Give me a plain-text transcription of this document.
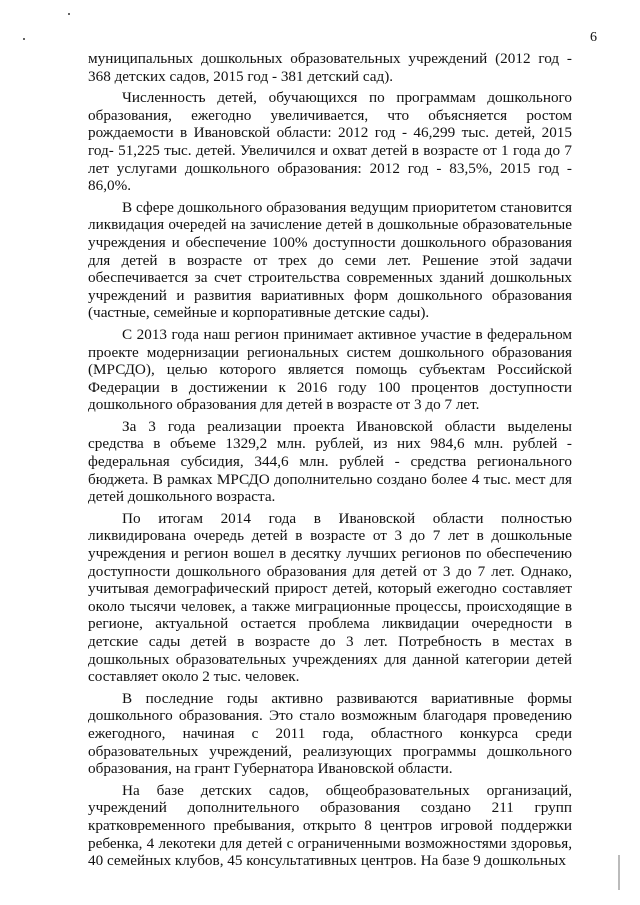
6

муниципальных дошкольных образовательных учреждений (2012 год - 368 детских садов, 2015 год - 381 детский сад).

Численность детей, обучающихся по программам дошкольного образования, ежегодно увеличивается, что объясняется ростом рождаемости в Ивановской области: 2012 год - 46,299 тыс. детей, 2015 год- 51,225 тыс. детей. Увеличился и охват детей в возрасте от 1 года до 7 лет услугами дошкольного образования: 2012 год - 83,5%, 2015 год - 86,0%.

В сфере дошкольного образования ведущим приоритетом становится ликвидация очередей на зачисление детей в дошкольные образовательные учреждения и обеспечение 100% доступности дошкольного образования для детей в возрасте от трех до семи лет. Решение этой задачи обеспечивается за счет строительства современных зданий дошкольных учреждений и развития вариативных форм дошкольного образования (частные, семейные и корпоративные детские сады).

С 2013 года наш регион принимает активное участие в федеральном проекте модернизации региональных систем дошкольного образования (МРСДО), целью которого является помощь субъектам Российской Федерации в достижении к 2016 году 100 процентов доступности дошкольного образования для детей в возрасте от 3 до 7 лет.

За 3 года реализации проекта Ивановской области выделены средства в объеме 1329,2 млн. рублей, из них 984,6 млн. рублей - федеральная субсидия, 344,6 млн. рублей - средства регионального бюджета. В рамках МРСДО дополнительно создано более 4 тыс. мест для детей дошкольного возраста.

По итогам 2014 года в Ивановской области полностью ликвидирована очередь детей в возрасте от 3 до 7 лет в дошкольные учреждения и регион вошел в десятку лучших регионов по обеспечению доступности дошкольного образования для детей от 3 до 7 лет. Однако, учитывая демографический прирост детей, который ежегодно составляет около тысячи человек, а также миграционные процессы, происходящие в регионе, актуальной остается проблема ликвидации очередности в детские сады детей в возрасте до 3 лет. Потребность в местах в дошкольных образовательных учреждениях для данной категории детей составляет около 2 тыс. человек.

В последние годы активно развиваются вариативные формы дошкольного образования. Это стало возможным благодаря проведению ежегодного, начиная с 2011 года, областного конкурса среди образовательных учреждений, реализующих программы дошкольного образования, на грант Губернатора Ивановской области.

На базе детских садов, общеобразовательных организаций, учреждений дополнительного образования создано 211 групп кратковременного пребывания, открыто 8 центров игровой поддержки ребенка, 4 лекотеки для детей с ограниченными возможностями здоровья, 40 семейных клубов, 45 консультативных центров. На базе 9 дошкольных
